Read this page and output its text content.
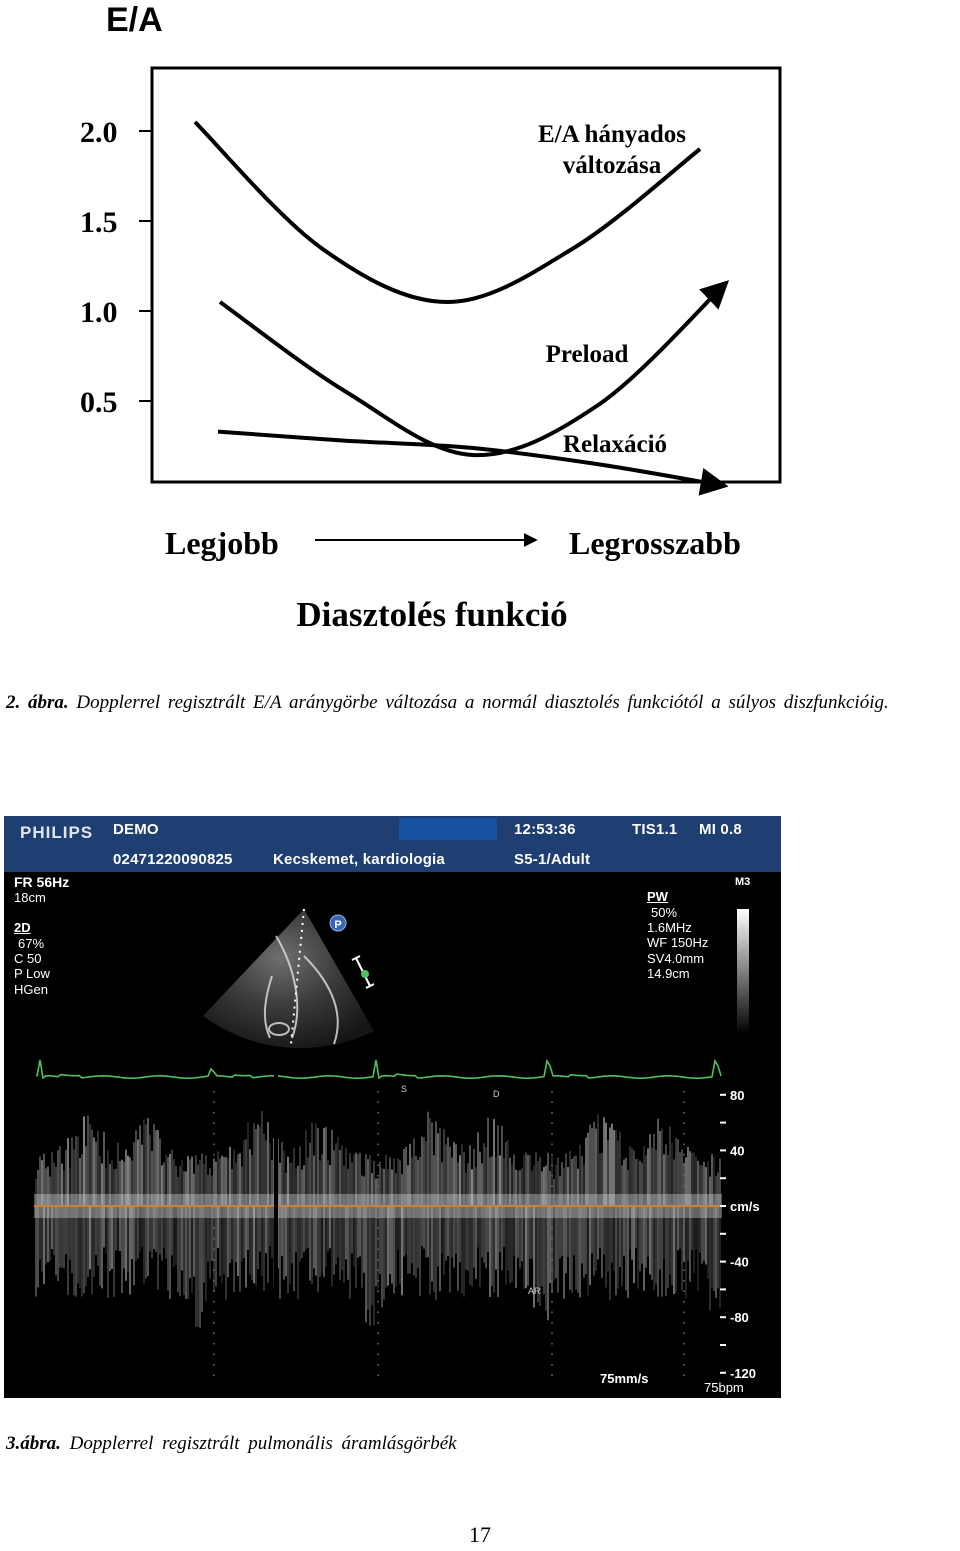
E/A
2.0
1.5
1.0
0.5
E/A hányados változása
Preload
Relaxáció
Legjobb	Legrosszabb
Diasztolés funkció
2. ábra. Dopplerrel regisztrált E/A aránygörbe változása a normál diasztolés funkciótól a súlyos diszfunkcióig.
PHILIPS DEMO	12:53:36	TIS1.1 MI 0.8
02471220090825	Kecskemet, kardiologia	S5-1/Adult
FR 56Hz
18cm
2D
67%
C 50
P Low
HGen
PW
50%
1.6MHz
WF 150Hz
SV4.0mm
14.9cm
M3
P
80
40
cm/s
-40
-80
-120
S	D
AR
75mm/s
75bpm
3.ábra. Dopplerrel regisztrált pulmonális áramlásgörbék
17
